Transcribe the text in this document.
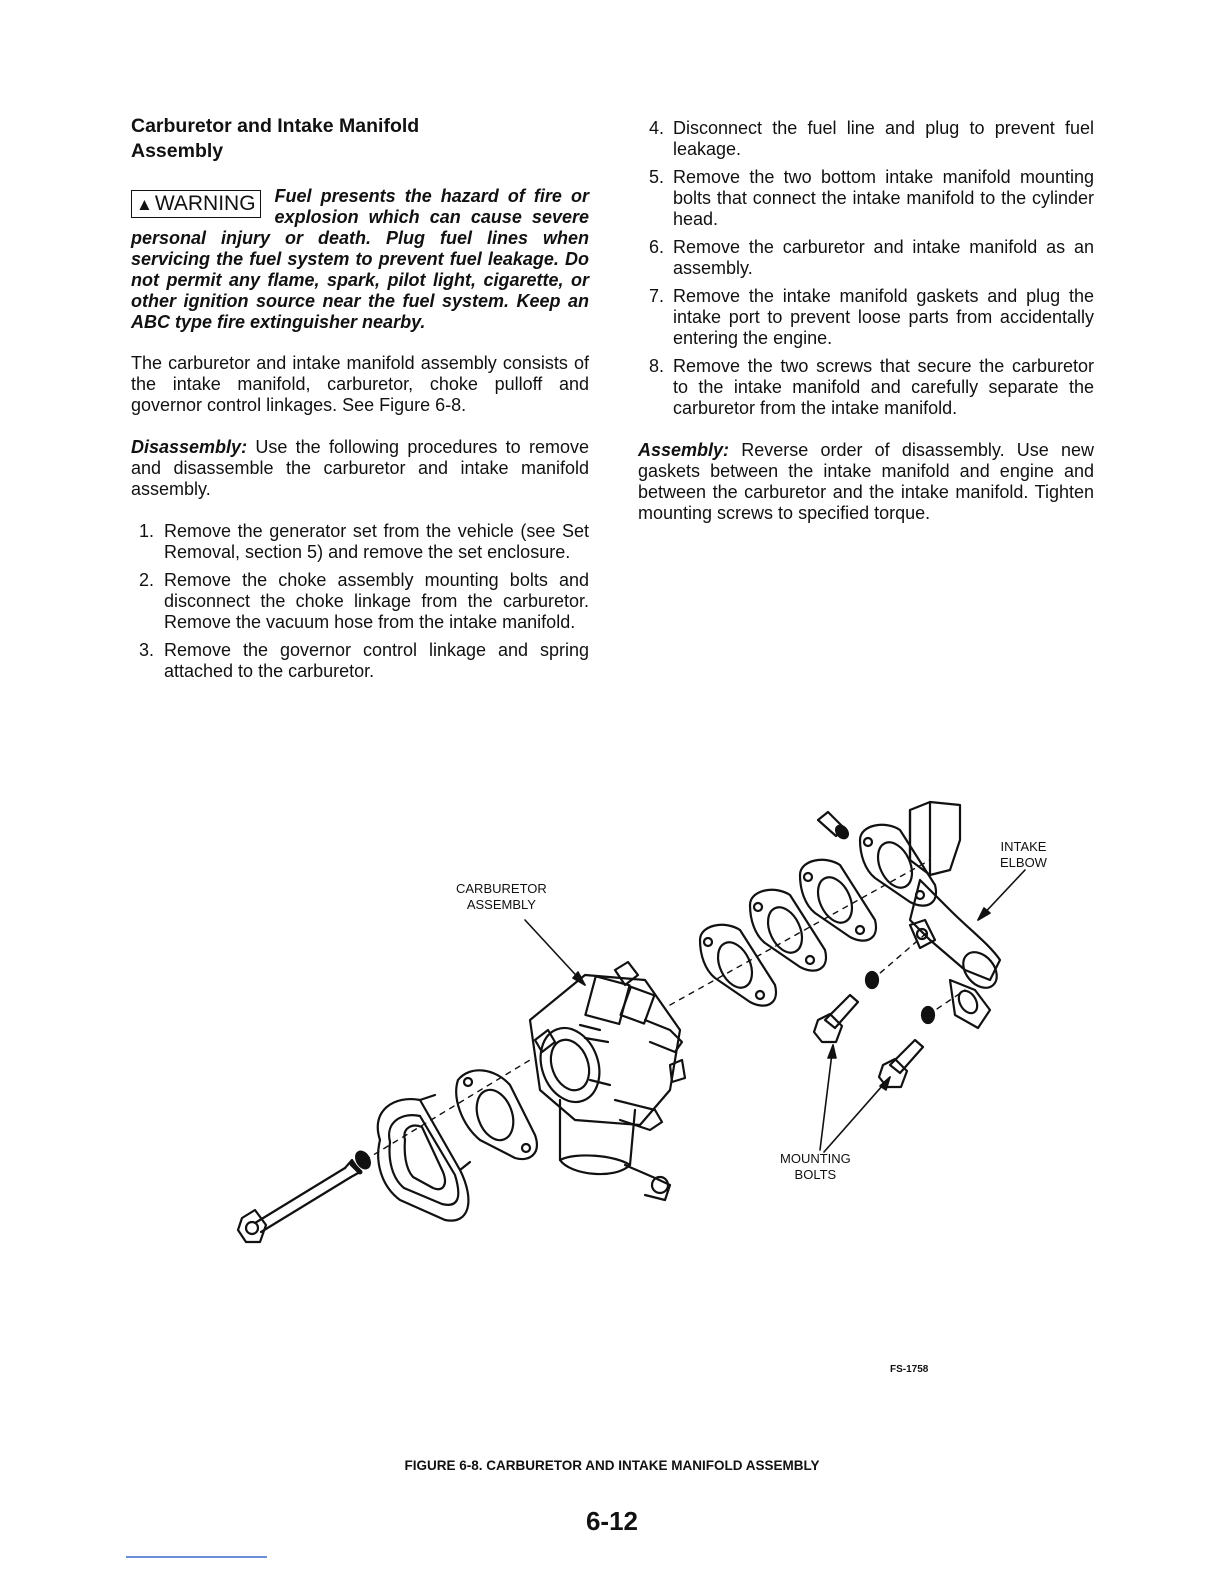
Carburetor and Intake Manifold
Assembly
▲WARNING Fuel presents the hazard of fire or explosion which can cause severe personal injury or death. Plug fuel lines when servicing the fuel system to prevent fuel leakage. Do not permit any flame, spark, pilot light, cigarette, or other ignition source near the fuel system. Keep an ABC type fire extinguisher nearby.

The carburetor and intake manifold assembly consists of the intake manifold, carburetor, choke pulloff and governor control linkages. See Figure 6-8.

Disassembly: Use the following procedures to remove and disassemble the carburetor and intake manifold assembly.

1. Remove the generator set from the vehicle (see Set Removal, section 5) and remove the set enclosure.
2. Remove the choke assembly mounting bolts and disconnect the choke linkage from the carburetor. Remove the vacuum hose from the intake manifold.
3. Remove the governor control linkage and spring attached to the carburetor.
4. Disconnect the fuel line and plug to prevent fuel leakage.
5. Remove the two bottom intake manifold mounting bolts that connect the intake manifold to the cylinder head.
6. Remove the carburetor and intake manifold as an assembly.
7. Remove the intake manifold gaskets and plug the intake port to prevent loose parts from accidentally entering the engine.
8. Remove the two screws that secure the carburetor to the intake manifold and carefully separate the carburetor from the intake manifold.

Assembly: Reverse order of disassembly. Use new gaskets between the intake manifold and engine and between the carburetor and the intake manifold. Tighten mounting screws to specified torque.

CARBURETOR
ASSEMBLY
INTAKE
ELBOW
MOUNTING
BOLTS
FS-1758
FIGURE 6-8. CARBURETOR AND INTAKE MANIFOLD ASSEMBLY
6-12
